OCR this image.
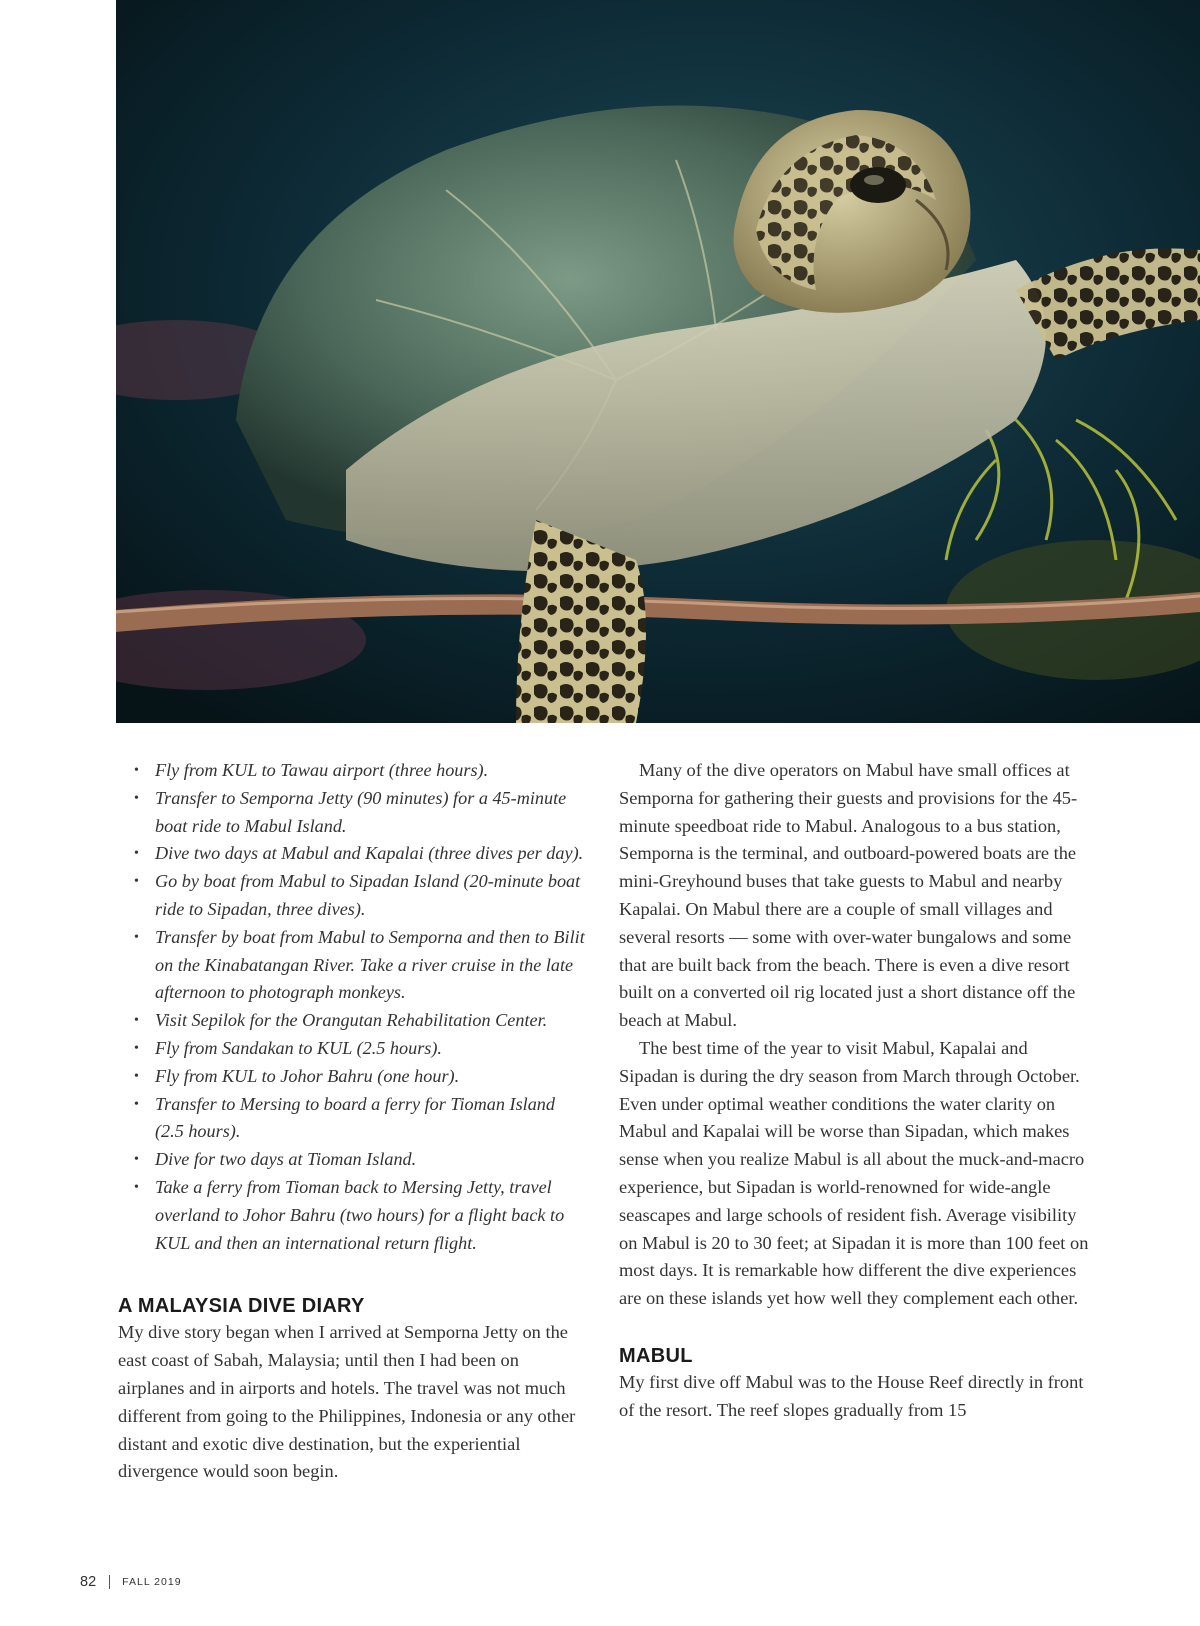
• Fly from KUL to Tawau airport (three hours).
• Transfer to Semporna Jetty (90 minutes) for a 45-minute boat ride to Mabul Island.
• Dive two days at Mabul and Kapalai (three dives per day).
• Go by boat from Mabul to Sipadan Island (20-minute boat ride to Sipadan, three dives).
• Transfer by boat from Mabul to Semporna and then to Bilit on the Kinabatangan River. Take a river cruise in the late afternoon to photograph monkeys.
• Visit Sepilok for the Orangutan Rehabilitation Center.
• Fly from Sandakan to KUL (2.5 hours).
• Fly from KUL to Johor Bahru (one hour).
• Transfer to Mersing to board a ferry for Tioman Island (2.5 hours).
• Dive for two days at Tioman Island.
• Take a ferry from Tioman back to Mersing Jetty, travel overland to Johor Bahru (two hours) for a flight back to KUL and then an international return flight.
A MALAYSIA DIVE DIARY

My dive story began when I arrived at Semporna Jetty on the east coast of Sabah, Malaysia; until then I had been on airplanes and in airports and hotels. The travel was not much different from going to the Philippines, Indonesia or any other distant and exotic dive destination, but the experiential divergence would soon begin.

Many of the dive operators on Mabul have small offices at Semporna for gathering their guests and provisions for the 45-minute speedboat ride to Mabul. Analogous to a bus station, Semporna is the terminal, and outboard-powered boats are the mini-Greyhound buses that take guests to Mabul and nearby Kapalai. On Mabul there are a couple of small villages and several resorts — some with over-water bungalows and some that are built back from the beach. There is even a dive resort built on a converted oil rig located just a short distance off the beach at Mabul.

The best time of the year to visit Mabul, Kapalai and Sipadan is during the dry season from March through October. Even under optimal weather conditions the water clarity on Mabul and Kapalai will be worse than Sipadan, which makes sense when you realize Mabul is all about the muck-and-macro experience, but Sipadan is world-renowned for wide-angle seascapes and large schools of resident fish. Average visibility on Mabul is 20 to 30 feet; at Sipadan it is more than 100 feet on most days. It is remarkable how different the dive experiences are on these islands yet how well they complement each other.

MABUL

My first dive off Mabul was to the House Reef directly in front of the resort. The reef slopes gradually from 15

82 FALL 2019
